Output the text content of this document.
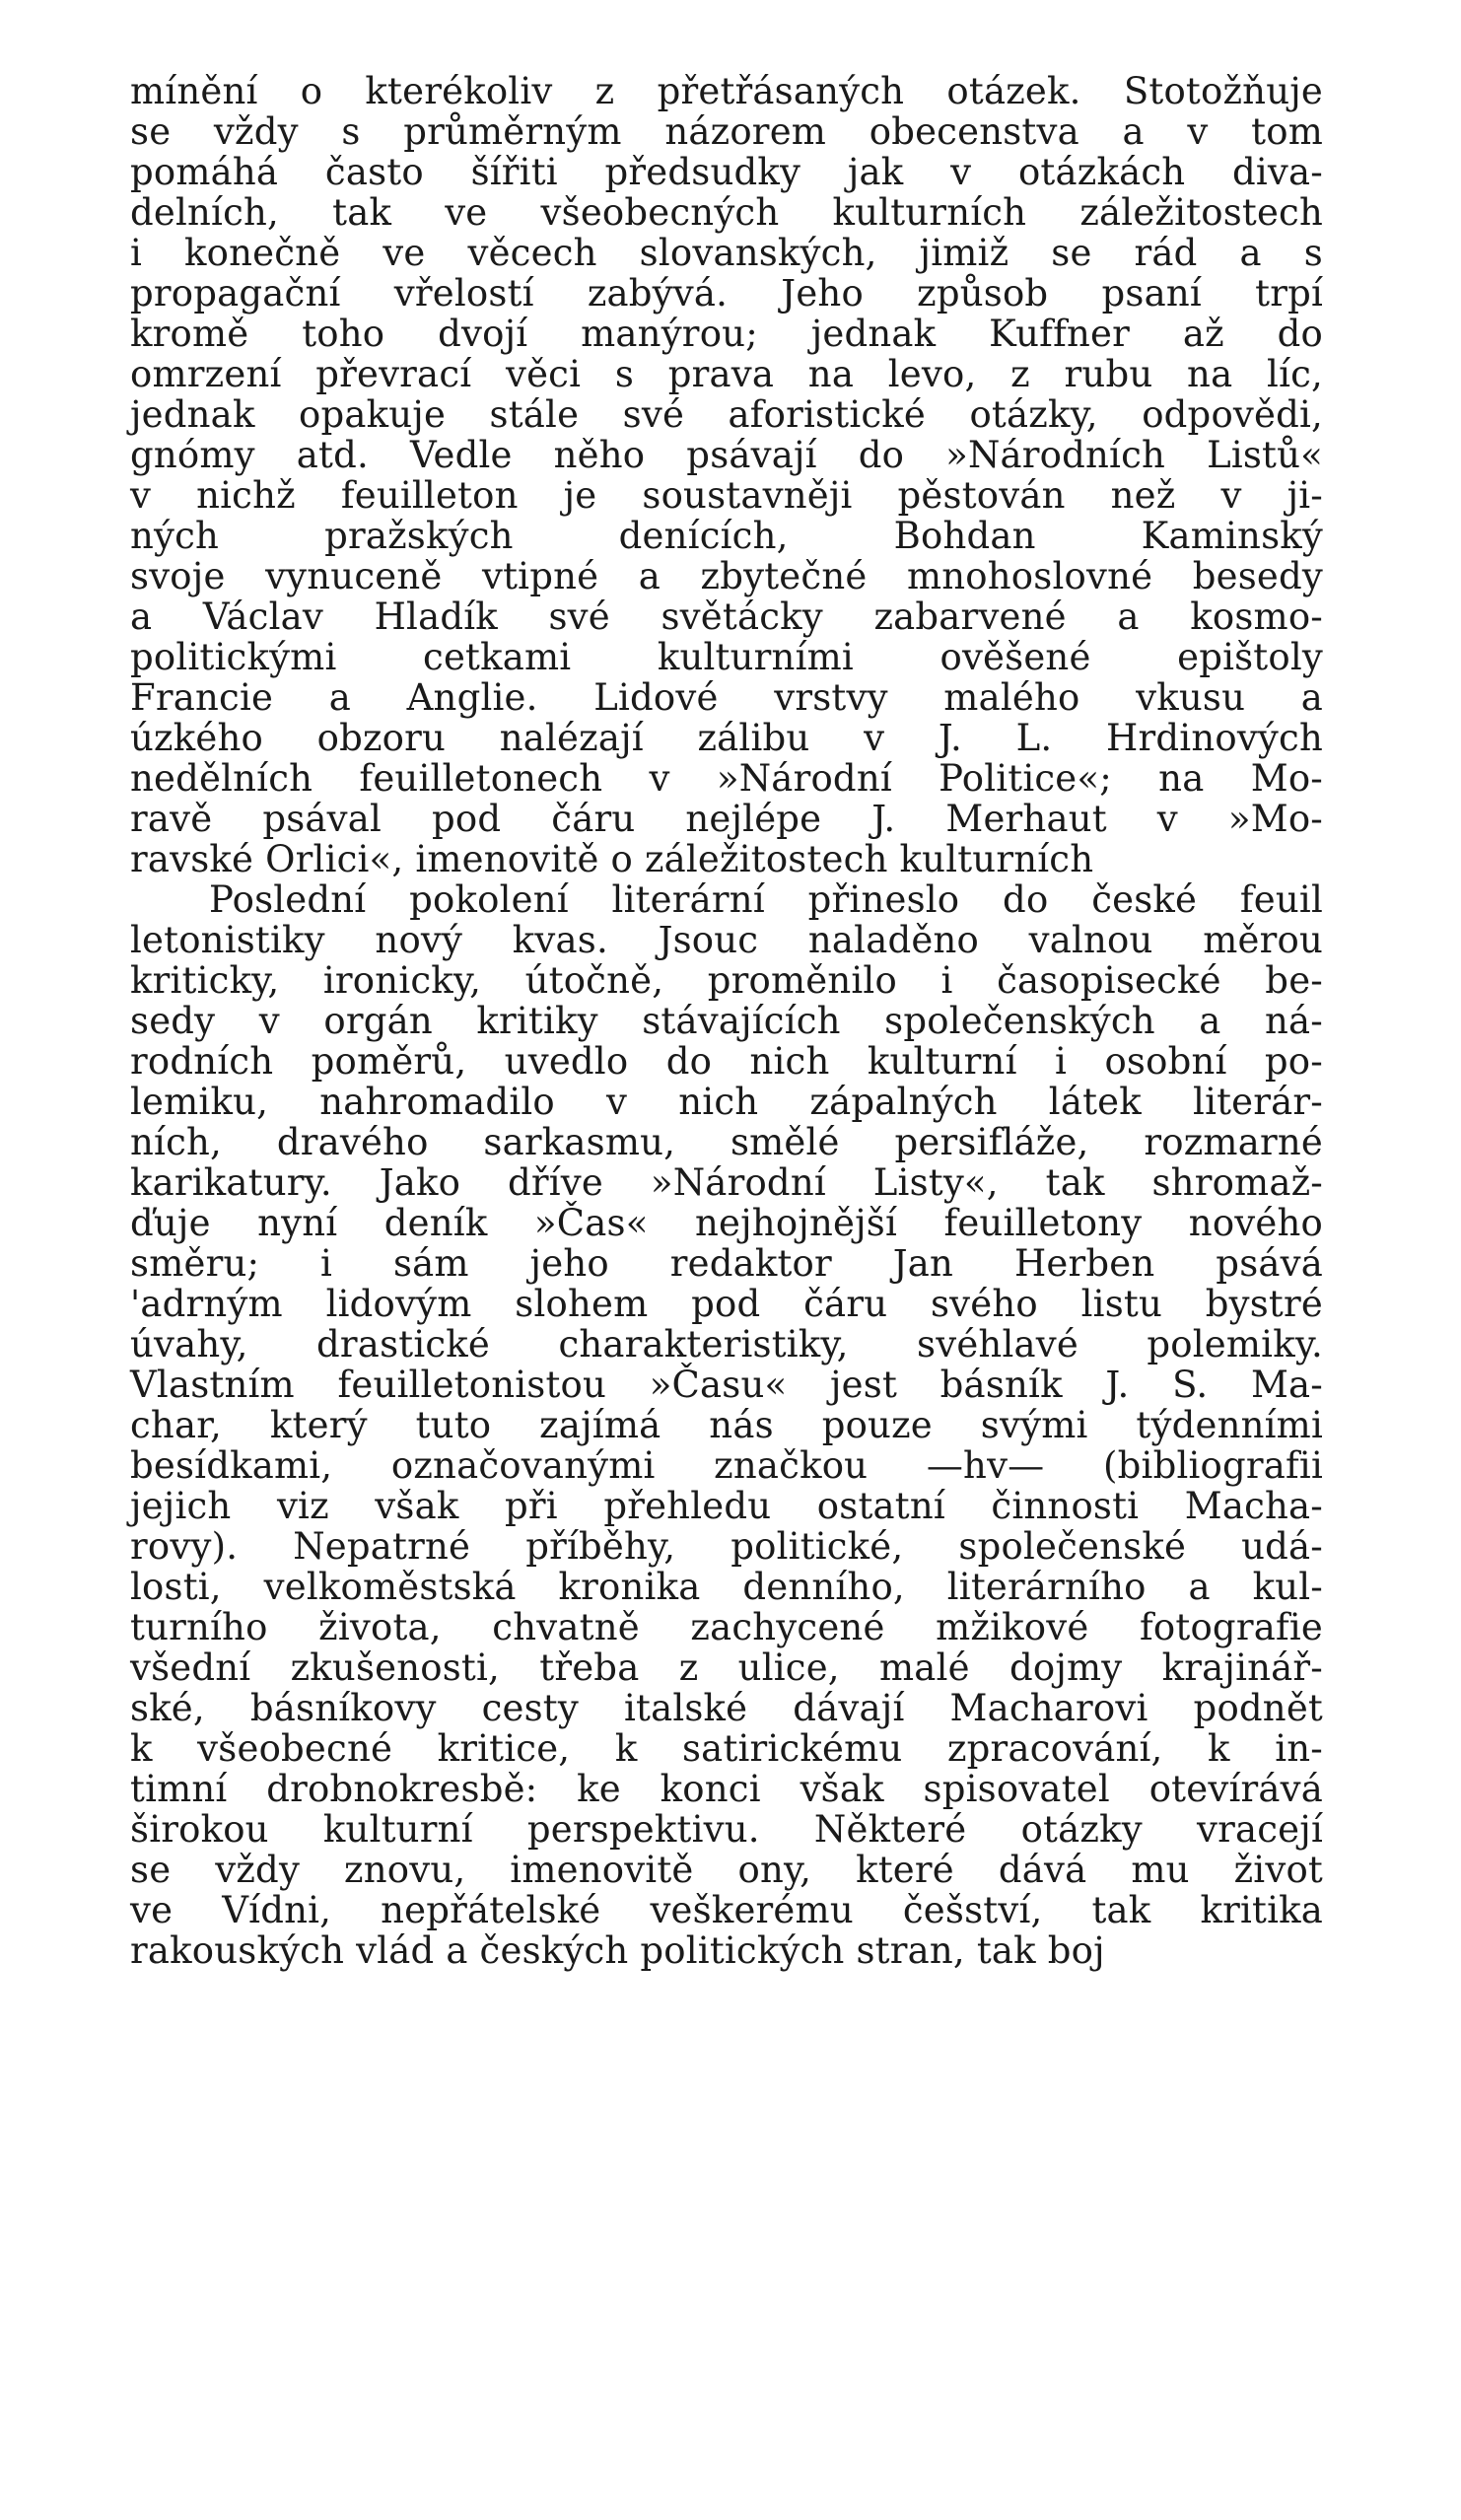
mínění o kterékoliv z přetřásaných otázek. Stotožňuje
se vždy s průměrným názorem obecenstva a v tom
pomáhá často šířiti předsudky jak v otázkách diva-
delních, tak ve všeobecných kulturních záležitostech
i konečně ve věcech slovanských, jimiž se rád a s
propagační vřelostí zabývá. Jeho způsob psaní trpí
kromě toho dvojí manýrou; jednak Kuffner až do
omrzení převrací věci s prava na levo, z rubu na líc,
jednak opakuje stále své aforistické otázky, odpovědi,
gnómy atd. Vedle něho psávají do »Národních Listů«
v nichž feuilleton je soustavněji pěstován než v ji-
ných pražských denících, Bohdan Kaminský
svoje vynuceně vtipné a zbytečné mnohoslovné besedy
a Václav Hladík své světácky zabarvené a kosmo-
politickými cetkami kulturními ověšené epištoly
Francie a Anglie. Lidové vrstvy malého vkusu a
úzkého obzoru nalézají zálibu v J. L. Hrdinových
nedělních feuilletonech v »Národní Politice«; na Mo-
ravě psával pod čáru nejlépe J. Merhaut v »Mo-
ravské Orlici«, imenovitě o záležitostech kulturních
Poslední pokolení literární přineslo do české feuil
letonistiky nový kvas. Jsouc naladěno valnou měrou
kriticky, ironicky, útočně, proměnilo i časopisecké be-
sedy v orgán kritiky stávajících společenských a ná-
rodních poměrů, uvedlo do nich kulturní i osobní po-
lemiku, nahromadilo v nich zápalných látek literár-
ních, dravého sarkasmu, smělé persifláže, rozmarné
karikatury. Jako dříve »Národní Listy«, tak shromaž-
ďuje nyní deník »Čas« nejhojnější feuilletony nového
směru; i sám jeho redaktor Jan Herben psává
'adrným lidovým slohem pod čáru svého listu bystré
úvahy, drastické charakteristiky, svéhlavé polemiky.
Vlastním feuilletonistou »Času« jest básník J. S. Ma-
char, který tuto zajímá nás pouze svými týdenními
besídkami, označovanými značkou —hv— (bibliografii
jejich viz však při přehledu ostatní činnosti Macha-
rovy). Nepatrné příběhy, politické, společenské udá-
losti, velkoměstská kronika denního, literárního a kul-
turního života, chvatně zachycené mžikové fotografie
všední zkušenosti, třeba z ulice, malé dojmy krajinář-
ské, básníkovy cesty italské dávají Macharovi podnět
k všeobecné kritice, k satirickému zpracování, k in-
timní drobnokresbě: ke konci však spisovatel otevírává
širokou kulturní perspektivu. Některé otázky vracejí
se vždy znovu, imenovitě ony, které dává mu život
ve Vídni, nepřátelské veškerému češství, tak kritika
rakouských vlád a českých politických stran, tak boj
